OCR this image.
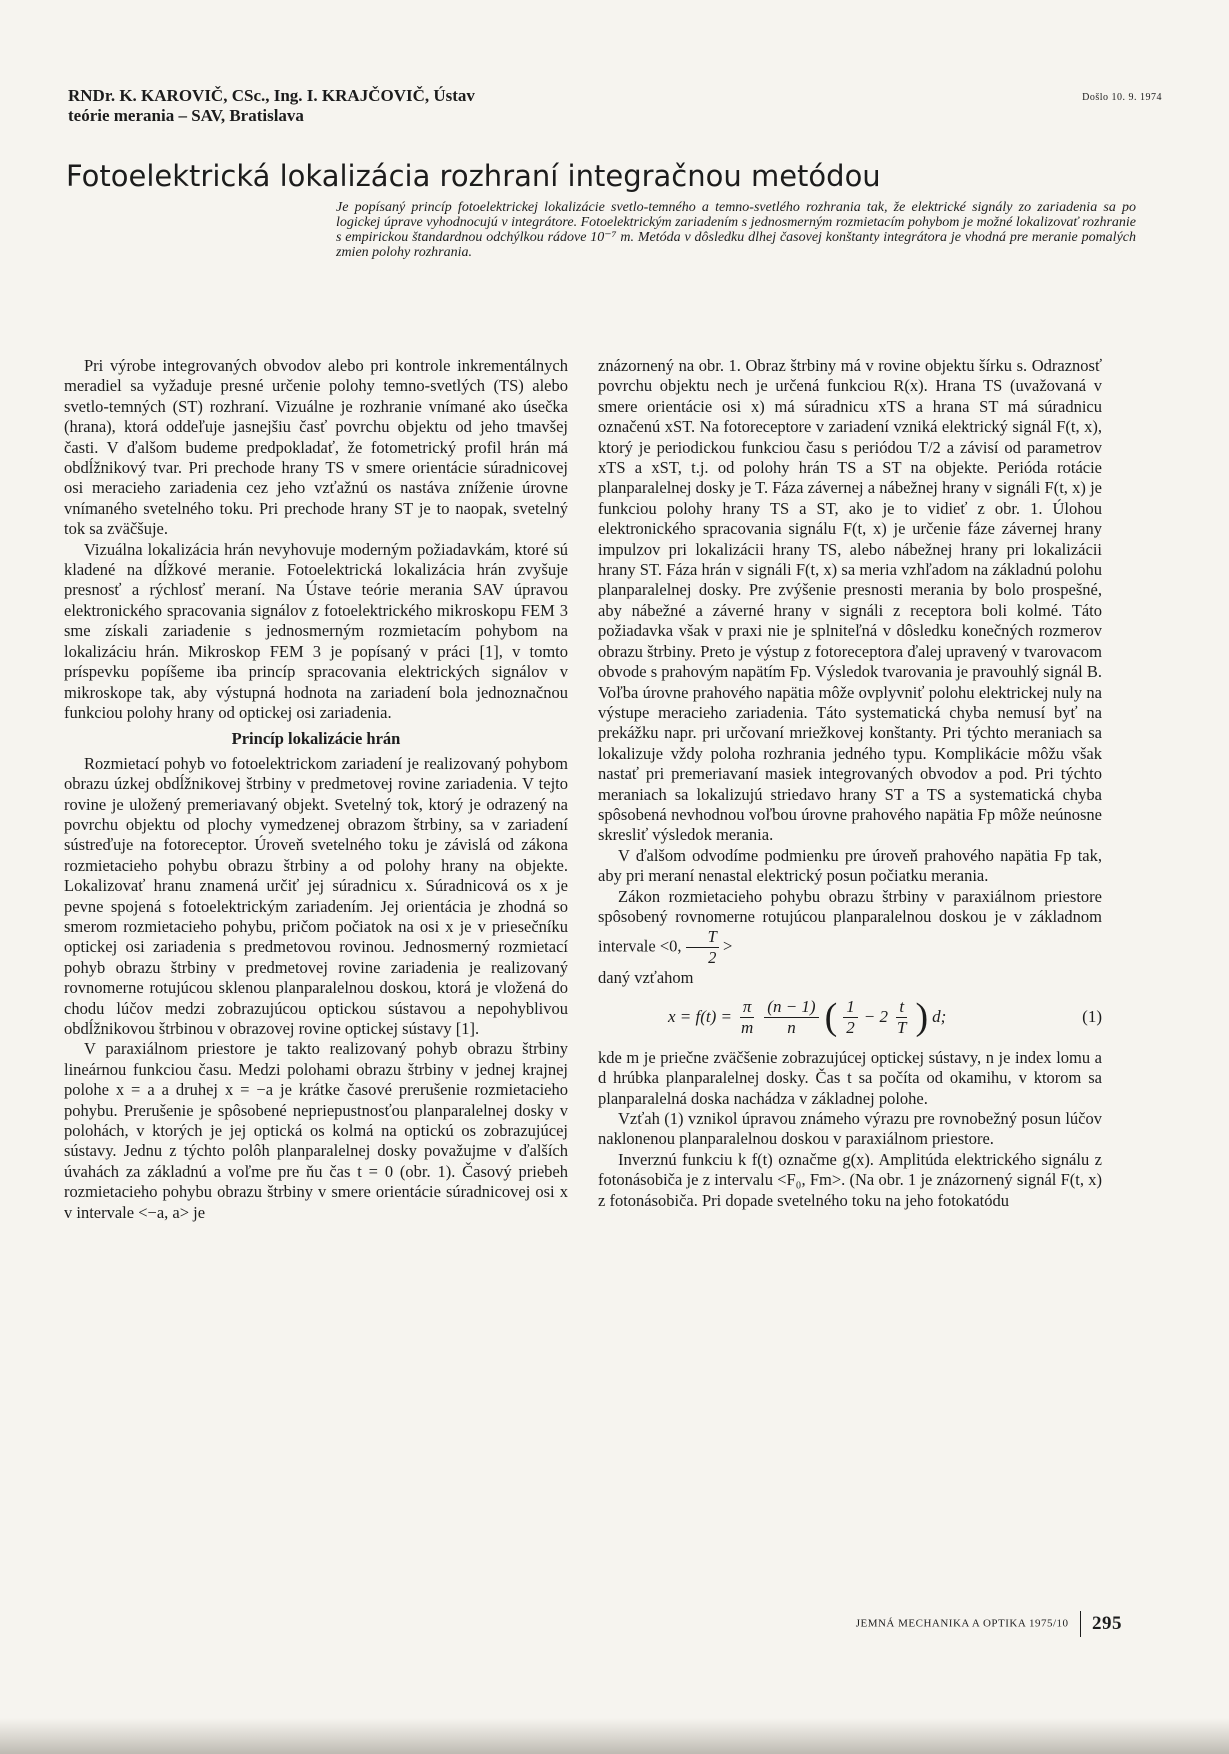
RNDr. K. KAROVIČ, CSc., Ing. I. KRAJČOVIČ, Ústav
teórie merania – SAV, Bratislava
Došlo 10. 9. 1974
Fotoelektrická lokalizácia rozhraní integračnou metódou
Je popísaný princíp fotoelektrickej lokalizácie svetlo-temného a temno-svetlého rozhrania tak, že elektrické signály zo zariadenia sa po logickej úprave vyhodnocujú v integrátore. Fotoelektrickým zariadením s jednosmerným rozmietacím pohybom je možné lokalizovať rozhranie s empirickou štandardnou odchýlkou rádove 10⁻⁷ m. Metóda v dôsledku dlhej časovej konštanty integrátora je vhodná pre meranie pomalých zmien polohy rozhrania.

Pri výrobe integrovaných obvodov alebo pri kontrole inkrementálnych meradiel sa vyžaduje presné určenie polohy temno-svetlých (TS) alebo svetlo-temných (ST) rozhraní. Vizuálne je rozhranie vnímané ako úsečka (hrana), ktorá oddeľuje jasnejšiu časť povrchu objektu od jeho tmavšej časti. V ďalšom budeme predpokladať, že fotometrický profil hrán má obdĺžnikový tvar. Pri prechode hrany TS v smere orientácie súradnicovej osi meracieho zariadenia cez jeho vzťažnú os nastáva zníženie úrovne vnímaného svetelného toku. Pri prechode hrany ST je to naopak, svetelný tok sa zväčšuje.

Vizuálna lokalizácia hrán nevyhovuje moderným požiadavkám, ktoré sú kladené na dĺžkové meranie. Fotoelektrická lokalizácia hrán zvyšuje presnosť a rýchlosť meraní. Na Ústave teórie merania SAV úpravou elektronického spracovania signálov z fotoelektrického mikroskopu FEM 3 sme získali zariadenie s jednosmerným rozmietacím pohybom na lokalizáciu hrán. Mikroskop FEM 3 je popísaný v práci [1], v tomto príspevku popíšeme iba princíp spracovania elektrických signálov v mikroskope tak, aby výstupná hodnota na zariadení bola jednoznačnou funkciou polohy hrany od optickej osi zariadenia.

Princíp lokalizácie hrán

Rozmietací pohyb vo fotoelektrickom zariadení je realizovaný pohybom obrazu úzkej obdĺžnikovej štrbiny v predmetovej rovine zariadenia. V tejto rovine je uložený premeriavaný objekt. Svetelný tok, ktorý je odrazený na povrchu objektu od plochy vymedzenej obrazom štrbiny, sa v zariadení sústreďuje na fotoreceptor. Úroveň svetelného toku je závislá od zákona rozmietacieho pohybu obrazu štrbiny a od polohy hrany na objekte. Lokalizovať hranu znamená určiť jej súradnicu x. Súradnicová os x je pevne spojená s fotoelektrickým zariadením. Jej orientácia je zhodná so smerom rozmietacieho pohybu, pričom počiatok na osi x je v priesečníku optickej osi zariadenia s predmetovou rovinou. Jednosmerný rozmietací pohyb obrazu štrbiny v predmetovej rovine zariadenia je realizovaný rovnomerne rotujúcou sklenou planparalelnou doskou, ktorá je vložená do chodu lúčov medzi zobrazujúcou optickou sústavou a nepohyblivou obdĺžnikovou štrbinou v obrazovej rovine optickej sústavy [1].

V paraxiálnom priestore je takto realizovaný pohyb obrazu štrbiny lineárnou funkciou času. Medzi polohami obrazu štrbiny v jednej krajnej polohe x = a a druhej x = −a je krátke časové prerušenie rozmietacieho pohybu. Prerušenie je spôsobené nepriepustnosťou planparalelnej dosky v polohách, v ktorých je jej optická os kolmá na optickú os zobrazujúcej sústavy. Jednu z týchto polôh planparalelnej dosky považujme v ďalších úvahách za základnú a voľme pre ňu čas t = 0 (obr. 1). Časový priebeh rozmietacieho pohybu obrazu štrbiny v smere orientácie súradnicovej osi x v intervale <−a, a> je

znázornený na obr. 1. Obraz štrbiny má v rovine objektu šírku s. Odraznosť povrchu objektu nech je určená funkciou R(x). Hrana TS (uvažovaná v smere orientácie osi x) má súradnicu xTS a hrana ST má súradnicu označenú xST. Na fotoreceptore v zariadení vzniká elektrický signál F(t, x), ktorý je periodickou funkciou času s periódou T/2 a závisí od parametrov xTS a xST, t.j. od polohy hrán TS a ST na objekte. Perióda rotácie planparalelnej dosky je T. Fáza závernej a nábežnej hrany v signáli F(t, x) je funkciou polohy hrany TS a ST, ako je to vidieť z obr. 1. Úlohou elektronického spracovania signálu F(t, x) je určenie fáze závernej hrany impulzov pri lokalizácii hrany TS, alebo nábežnej hrany pri lokalizácii hrany ST. Fáza hrán v signáli F(t, x) sa meria vzhľadom na základnú polohu planparalelnej dosky. Pre zvýšenie presnosti merania by bolo prospešné, aby nábežné a záverné hrany v signáli z receptora boli kolmé. Táto požiadavka však v praxi nie je splniteľná v dôsledku konečných rozmerov obrazu štrbiny. Preto je výstup z fotoreceptora ďalej upravený v tvarovacom obvode s prahovým napätím Fp. Výsledok tvarovania je pravouhlý signál B. Voľba úrovne prahového napätia môže ovplyvniť polohu elektrickej nuly na výstupe meracieho zariadenia. Táto systematická chyba nemusí byť na prekážku napr. pri určovaní mriežkovej konštanty. Pri týchto meraniach sa lokalizuje vždy poloha rozhrania jedného typu. Komplikácie môžu však nastať pri premeriavaní masiek integrovaných obvodov a pod. Pri týchto meraniach sa lokalizujú striedavo hrany ST a TS a systematická chyba spôsobená nevhodnou voľbou úrovne prahového napätia Fp môže neúnosne skresliť výsledok merania.

V ďalšom odvodíme podmienku pre úroveň prahového napätia Fp tak, aby pri meraní nenastal elektrický posun počiatku merania.

Zákon rozmietacieho pohybu obrazu štrbiny v paraxiálnom priestore spôsobený rovnomerne rotujúcou planparalelnou doskou je v základnom intervale <0, $\frac{T}{2}$ >

daný vzťahom

$x = f(t) = \frac{\pi}{m} \frac{(n - 1)}{n}$ ( $\frac{1}{2} - 2 \frac{t}{T}$ ) d;	(1)

kde m je priečne zväčšenie zobrazujúcej optickej sústavy, n je index lomu a d hrúbka planparalelnej dosky. Čas t sa počíta od okamihu, v ktorom sa planparalelná doska nachádza v základnej polohe.

Vzťah (1) vznikol úpravou známeho výrazu pre rovnobežný posun lúčov naklonenou planparalelnou doskou v paraxiálnom priestore.

Inverznú funkciu k f(t) označme g(x). Amplitúda elektrického signálu z fotonásobiča je z intervalu <F₀, Fm>. (Na obr. 1 je znázornený signál F(t, x) z fotonásobiča. Pri dopade svetelného toku na jeho fotokatódu

JEMNÁ MECHANIKA A OPTIKA 1975/10 295
